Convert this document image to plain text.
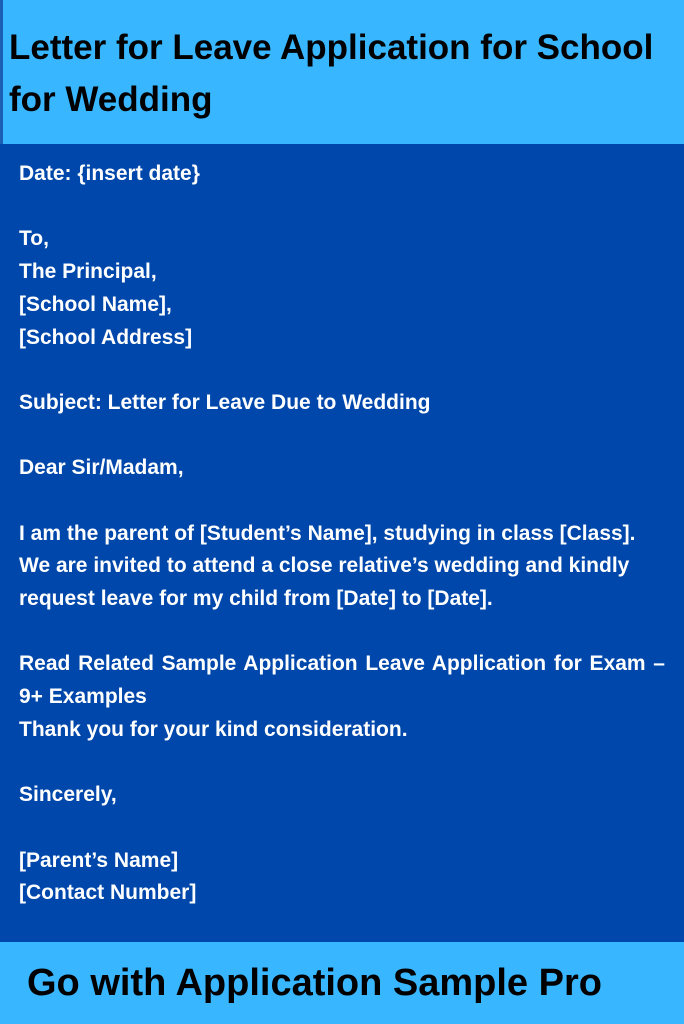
Letter for Leave Application for School for Wedding

Date: {insert date}

To,

The Principal,

[School Name],

[School Address]

Subject: Letter for Leave Due to Wedding

Dear Sir/Madam,

I am the parent of [Student’s Name], studying in class [Class]. We are invited to attend a close relative’s wedding and kindly request leave for my child from [Date] to [Date].

Read Related Sample Application Leave Application for Exam – 9+ Examples

Thank you for your kind consideration.

Sincerely,

[Parent’s Name]

[Contact Number]

Go with Application Sample Pro
